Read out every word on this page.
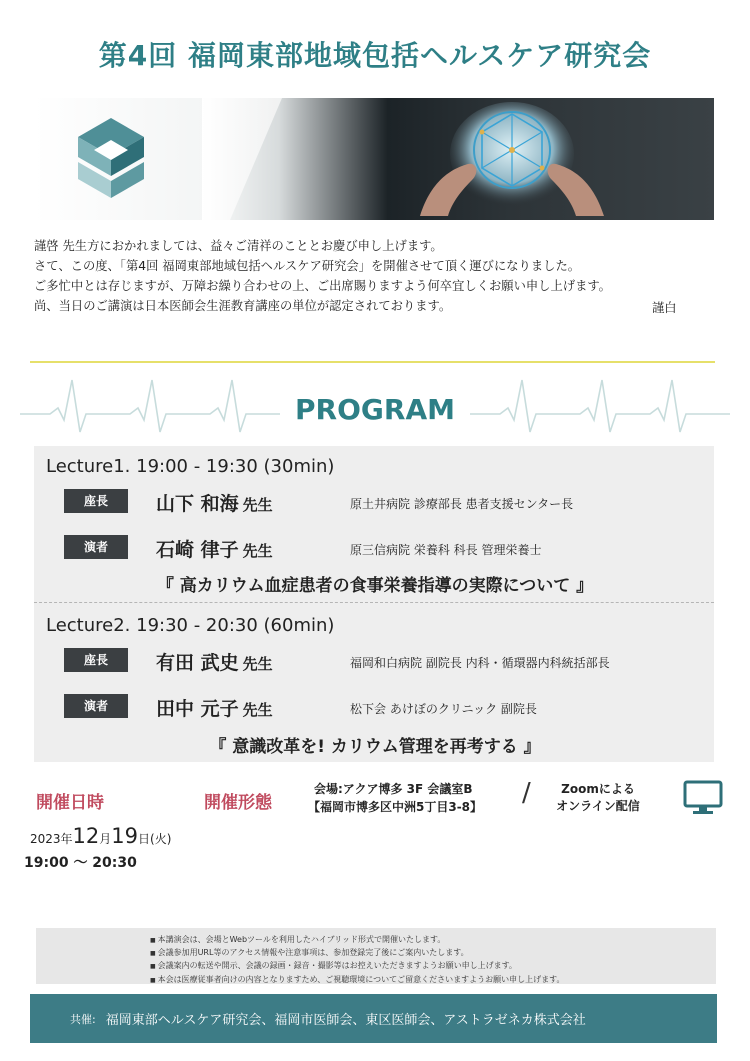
第4回 福岡東部地域包括ヘルスケア研究会

謹啓 先生方におかれましては、益々ご清祥のこととお慶び申し上げます。

さて、この度、「第4回 福岡東部地域包括ヘルスケア研究会」を開催させて頂く運びになりました。

ご多忙中とは存じますが、万障お繰り合わせの上、ご出席賜りますよう何卒宜しくお願い申し上げます。

尚、当日のご講演は日本医師会生涯教育講座の単位が認定されております。	謹白
PROGRAM
Lecture1. 19:00 - 19:30 (30min)
座長	山下 和海 先生	原土井病院 診療部長 患者支援センター長
演者	石崎 律子 先生	原三信病院 栄養科 科長 管理栄養士
『 高カリウム血症患者の食事栄養指導の実際について 』
Lecture2. 19:30 - 20:30 (60min)
座長	有田 武史 先生	福岡和白病院 副院長 内科・循環器内科統括部長
演者	田中 元子 先生	松下会 あけぼのクリニック 副院長
『 意識改革を! カリウム管理を再考する 』
開催日時	開催形態
会場:アクア博多 3F 会議室B
【福岡市博多区中洲5丁目3-8】 /	Zoomによる
オンライン配信
2023年12月19日(火)
19:00 ～ 20:30
■ 本講演会は、会場とWebツールを利用したハイブリッド形式で開催いたします。
■ 会議参加用URL等のアクセス情報や注意事項は、参加登録完了後にご案内いたします。
■ 会議案内の転送や開示、会議の録画・録音・撮影等はお控えいただきますようお願い申し上げます。
■ 本会は医療従事者向けの内容となりますため、ご視聴環境についてご留意くださいますようお願い申し上げます。
共催: 福岡東部ヘルスケア研究会、福岡市医師会、東区医師会、アストラゼネカ株式会社
